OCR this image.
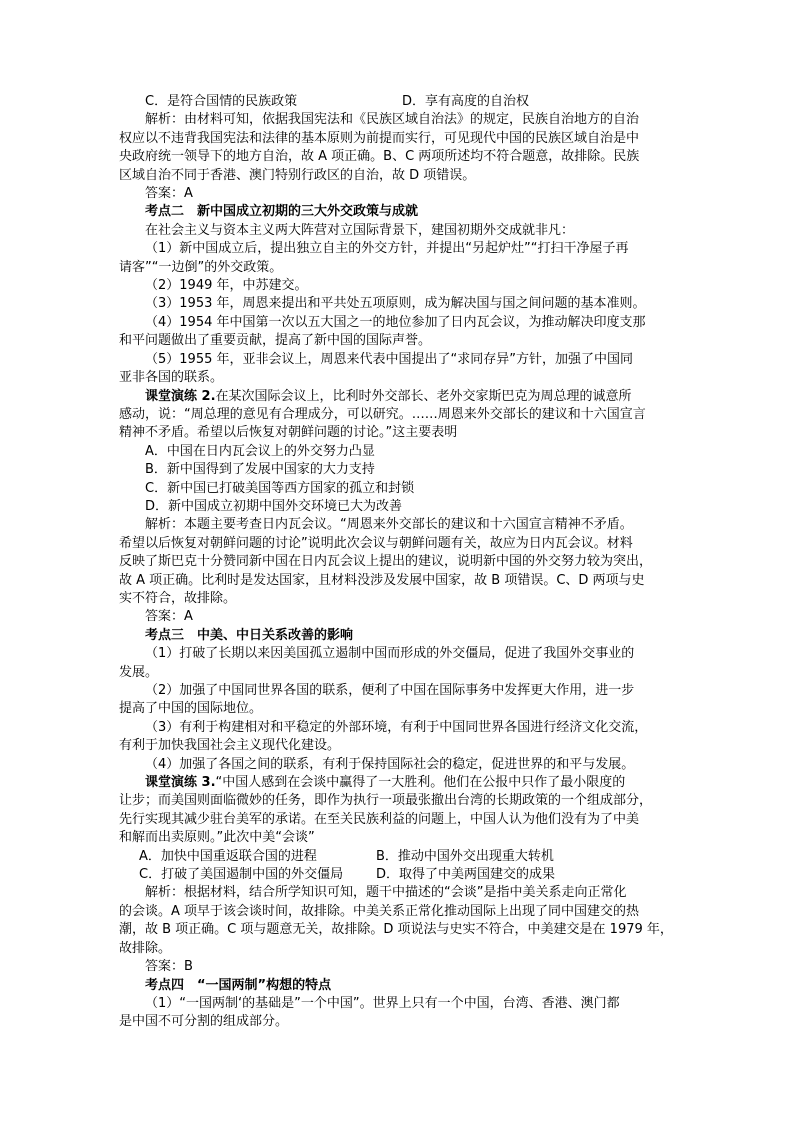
C．是符合国情的民族政策	D．享有高度的自治权
解析：由材料可知，依据我国宪法和《民族区域自治法》的规定，民族自治地方的自治
权应以不违背我国宪法和法律的基本原则为前提而实行，可见现代中国的民族区域自治是中
央政府统一领导下的地方自治，故 A 项正确。B、C 两项所述均不符合题意，故排除。民族
区域自治不同于香港、澳门特别行政区的自治，故 D 项错误。
答案：A
考点二　新中国成立初期的三大外交政策与成就
在社会主义与资本主义两大阵营对立国际背景下，建国初期外交成就非凡：
（1）新中国成立后，提出独立自主的外交方针，并提出“另起炉灶”“打扫干净屋子再
请客”“一边倒”的外交政策。
（2）1949 年，中苏建交。
（3）1953 年，周恩来提出和平共处五项原则，成为解决国与国之间问题的基本准则。
（4）1954 年中国第一次以五大国之一的地位参加了日内瓦会议，为推动解决印度支那
和平问题做出了重要贡献，提高了新中国的国际声誉。
（5）1955 年，亚非会议上，周恩来代表中国提出了“求同存异”方针，加强了中国同
亚非各国的联系。
课堂演练 2.在某次国际会议上，比利时外交部长、老外交家斯巴克为周总理的诚意所
感动，说：“周总理的意见有合理成分，可以研究。……周恩来外交部长的建议和十六国宣言
精神不矛盾。希望以后恢复对朝鲜问题的讨论。”这主要表明
A．中国在日内瓦会议上的外交努力凸显
B．新中国得到了发展中国家的大力支持
C．新中国已打破美国等西方国家的孤立和封锁
D．新中国成立初期中国外交环境已大为改善
解析：本题主要考查日内瓦会议。“周恩来外交部长的建议和十六国宣言精神不矛盾。
希望以后恢复对朝鲜问题的讨论”说明此次会议与朝鲜问题有关，故应为日内瓦会议。材料
反映了斯巴克十分赞同新中国在日内瓦会议上提出的建议，说明新中国的外交努力较为突出，
故 A 项正确。比利时是发达国家，且材料没涉及发展中国家，故 B 项错误。C、D 两项与史
实不符合，故排除。
答案：A
考点三　中美、中日关系改善的影响
（1）打破了长期以来因美国孤立遏制中国而形成的外交僵局，促进了我国外交事业的
发展。
（2）加强了中国同世界各国的联系，便利了中国在国际事务中发挥更大作用，进一步
提高了中国的国际地位。
（3）有利于构建相对和平稳定的外部环境，有利于中国同世界各国进行经济文化交流，
有利于加快我国社会主义现代化建设。
（4）加强了各国之间的联系，有利于保持国际社会的稳定，促进世界的和平与发展。
课堂演练 3.“中国人感到在会谈中赢得了一大胜利。他们在公报中只作了最小限度的
让步；而美国则面临微妙的任务，即作为执行一项最张撤出台湾的长期政策的一个组成部分，
先行实现其减少驻台美军的承诺。在至关民族利益的问题上，中国人认为他们没有为了中美
和解而出卖原则。”此次中美“会谈”
A．加快中国重返联合国的进程	B．推动中国外交出现重大转机
C．打破了美国遏制中国的外交僵局	D．取得了中美两国建交的成果
解析：根据材料，结合所学知识可知，题干中描述的“会谈”是指中美关系走向正常化
的会谈。A 项早于该会谈时间，故排除。中美关系正常化推动国际上出现了同中国建交的热
潮，故 B 项正确。C 项与题意无关，故排除。D 项说法与史实不符合，中美建交是在 1979 年，
故排除。
答案：B
考点四　“一国两制”构想的特点
（1）“一国两制‘的基础是”一个中国”。世界上只有一个中国，台湾、香港、澳门都
是中国不可分割的组成部分。
